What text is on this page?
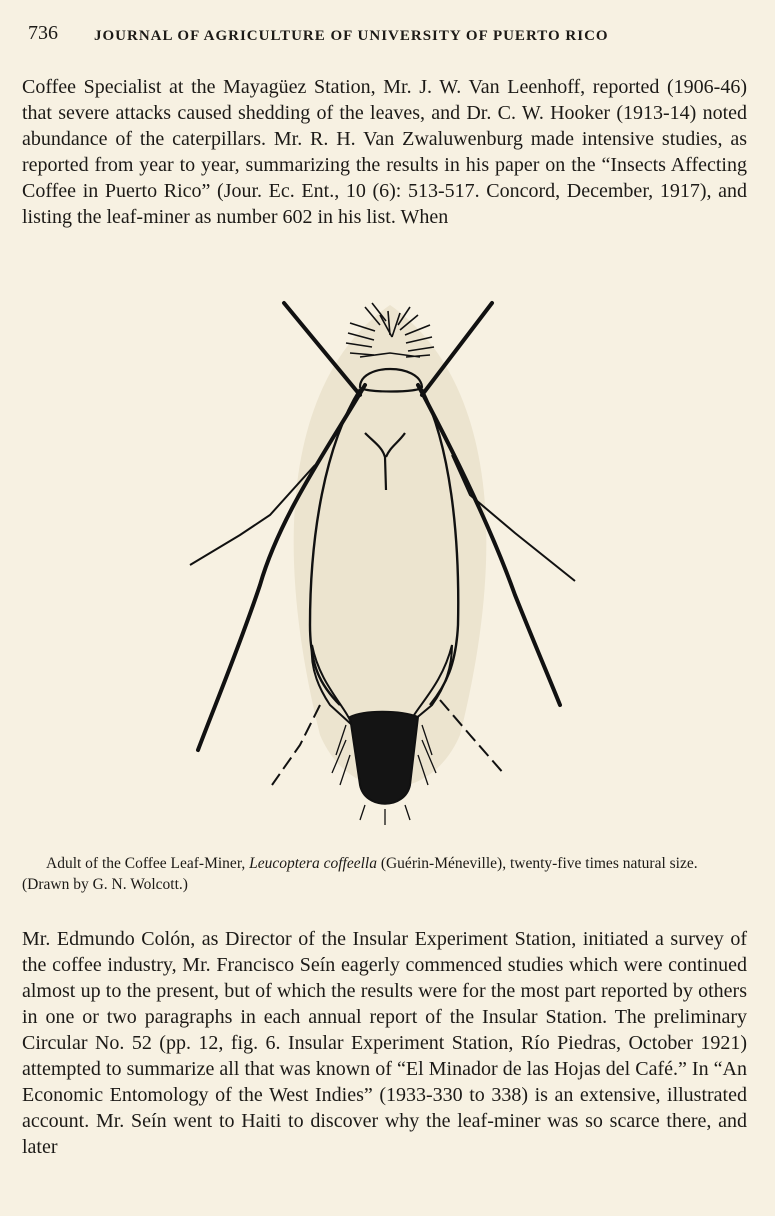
736 JOURNAL OF AGRICULTURE OF UNIVERSITY OF PUERTO RICO

Coffee Specialist at the Mayagüez Station, Mr. J. W. Van Leenhoff, reported (1906-46) that severe attacks caused shedding of the leaves, and Dr. C. W. Hooker (1913-14) noted abundance of the caterpillars. Mr. R. H. Van Zwaluwenburg made intensive studies, as reported from year to year, summarizing the results in his paper on the “Insects Affecting Coffee in Puerto Rico” (Jour. Ec. Ent., 10 (6): 513-517. Concord, December, 1917), and listing the leaf-miner as number 602 in his list. When

Adult of the Coffee Leaf-Miner, Leucoptera coffeella (Guérin-Méneville), twenty-five times natural size. (Drawn by G. N. Wolcott.)

Mr. Edmundo Colón, as Director of the Insular Experiment Station, initiated a survey of the coffee industry, Mr. Francisco Seín eagerly commenced studies which were continued almost up to the present, but of which the results were for the most part reported by others in one or two paragraphs in each annual report of the Insular Station. The preliminary Circular No. 52 (pp. 12, fig. 6. Insular Experiment Station, Río Piedras, October 1921) attempted to summarize all that was known of “El Minador de las Hojas del Café.” In “An Economic Entomology of the West Indies” (1933-330 to 338) is an extensive, illustrated account. Mr. Seín went to Haiti to discover why the leaf-miner was so scarce there, and later
